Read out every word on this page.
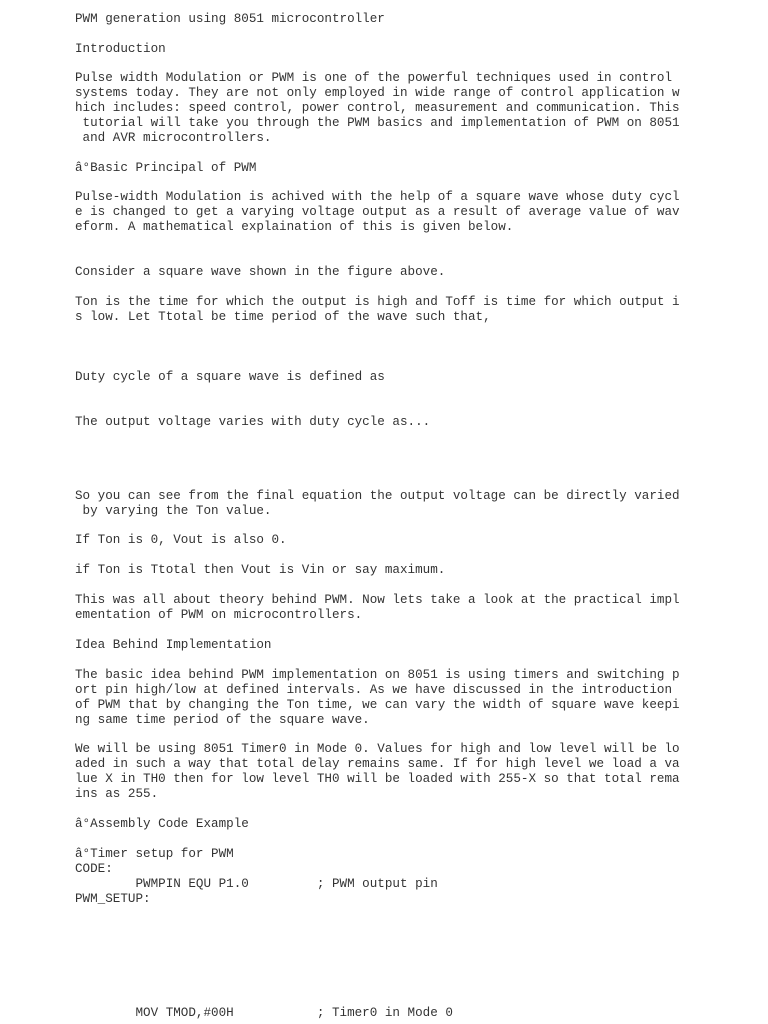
PWM generation using 8051 microcontroller

Introduction

Pulse width Modulation or PWM is one of the powerful techniques used in control

systems today. They are not only employed in wide range of control application w

hich includes: speed control, power control, measurement and communication. This

tutorial will take you through the PWM basics and implementation of PWM on 8051

and AVR microcontrollers.

â°Basic Principal of PWM

Pulse-width Modulation is achived with the help of a square wave whose duty cycl

e is changed to get a varying voltage output as a result of average value of wav

eform. A mathematical explaination of this is given below.

Consider a square wave shown in the figure above.

Ton is the time for which the output is high and Toff is time for which output i

s low. Let Ttotal be time period of the wave such that,

Duty cycle of a square wave is defined as

The output voltage varies with duty cycle as...

So you can see from the final equation the output voltage can be directly varied

by varying the Ton value.

If Ton is 0, Vout is also 0.

if Ton is Ttotal then Vout is Vin or say maximum.

This was all about theory behind PWM. Now lets take a look at the practical impl

ementation of PWM on microcontrollers.

Idea Behind Implementation

The basic idea behind PWM implementation on 8051 is using timers and switching p

ort pin high/low at defined intervals. As we have discussed in the introduction

of PWM that by changing the Ton time, we can vary the width of square wave keepi

ng same time period of the square wave.

We will be using 8051 Timer0 in Mode 0. Values for high and low level will be lo

aded in such a way that total delay remains same. If for high level we load a va

lue X in TH0 then for low level TH0 will be loaded with 255-X so that total rema

ins as 255.

â°Assembly Code Example

â°Timer setup for PWM

CODE:

PWMPIN EQU P1.0         ; PWM output pin

PWM_SETUP:

MOV TMOD,#00H           ; Timer0 in Mode 0
